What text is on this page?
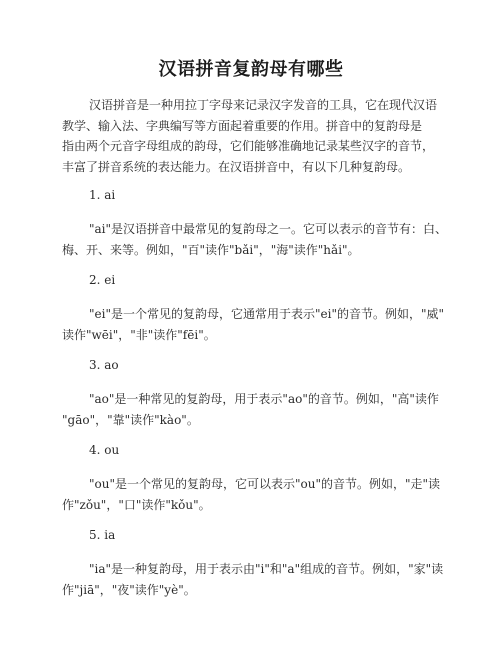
汉语拼音复韵母有哪些
汉语拼音是一种用拉丁字母来记录汉字发音的工具，它在现代汉语
教学、输入法、字典编写等方面起着重要的作用。拼音中的复韵母是
指由两个元音字母组成的韵母，它们能够准确地记录某些汉字的音节，
丰富了拼音系统的表达能力。在汉语拼音中，有以下几种复韵母。
1. ai
"ai"是汉语拼音中最常见的复韵母之一。它可以表示的音节有：白、
梅、开、来等。例如，"百"读作"bǎi"，"海"读作"hǎi"。
2. ei
"ei"是一个常见的复韵母，它通常用于表示"ei"的音节。例如，"威"
读作"wēi"，"非"读作"fēi"。
3. ao
"ao"是一种常见的复韵母，用于表示"ao"的音节。例如，"高"读作
"gāo"，"靠"读作"kào"。
4. ou
"ou"是一个常见的复韵母，它可以表示"ou"的音节。例如，"走"读
作"zǒu"，"口"读作"kǒu"。
5. ia
"ia"是一种复韵母，用于表示由"i"和"a"组成的音节。例如，"家"读
作"jiā"，"夜"读作"yè"。
